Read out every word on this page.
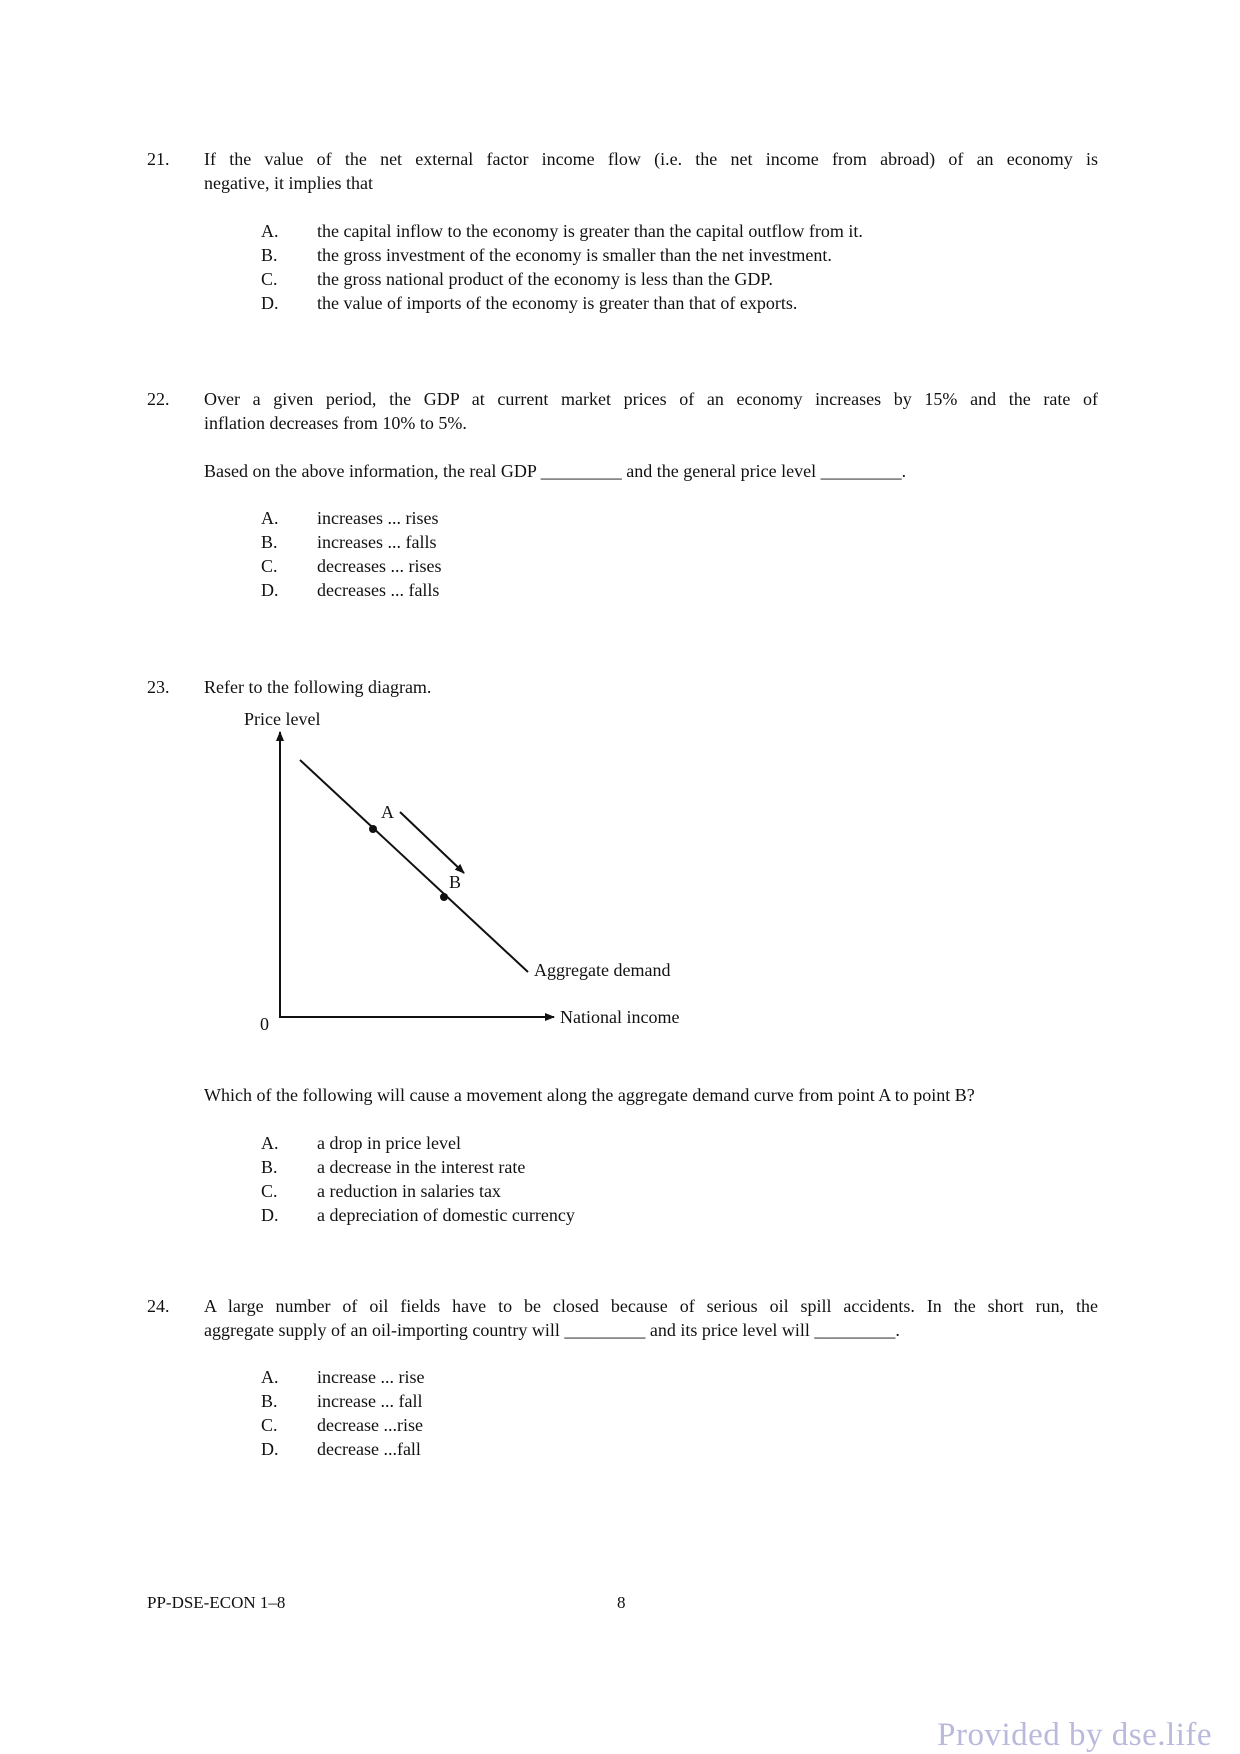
21. If the value of the net external factor income flow (i.e. the net income from abroad) of an economy is
negative, it implies that
A. the capital inflow to the economy is greater than the capital outflow from it.
B. the gross investment of the economy is smaller than the net investment.
C. the gross national product of the economy is less than the GDP.
D. the value of imports of the economy is greater than that of exports.
22. Over a given period, the GDP at current market prices of an economy increases by 15% and the rate of
inflation decreases from 10% to 5%.
Based on the above information, the real GDP _________ and the general price level _________.
A. increases ... rises
B. increases ... falls
C. decreases ... rises
D. decreases ... falls
23. Refer to the following diagram.
Price level
0	National income
Aggregate demand
A
B
Which of the following will cause a movement along the aggregate demand curve from point A to point B?
A. a drop in price level
B. a decrease in the interest rate
C. a reduction in salaries tax
D. a depreciation of domestic currency
24. A large number of oil fields have to be closed because of serious oil spill accidents. In the short run, the
aggregate supply of an oil-importing country will _________ and its price level will _________.
A. increase ... rise
B. increase ... fall
C. decrease ...rise
D. decrease ...fall
PP-DSE-ECON 1–8	8
Provided by dse.life
